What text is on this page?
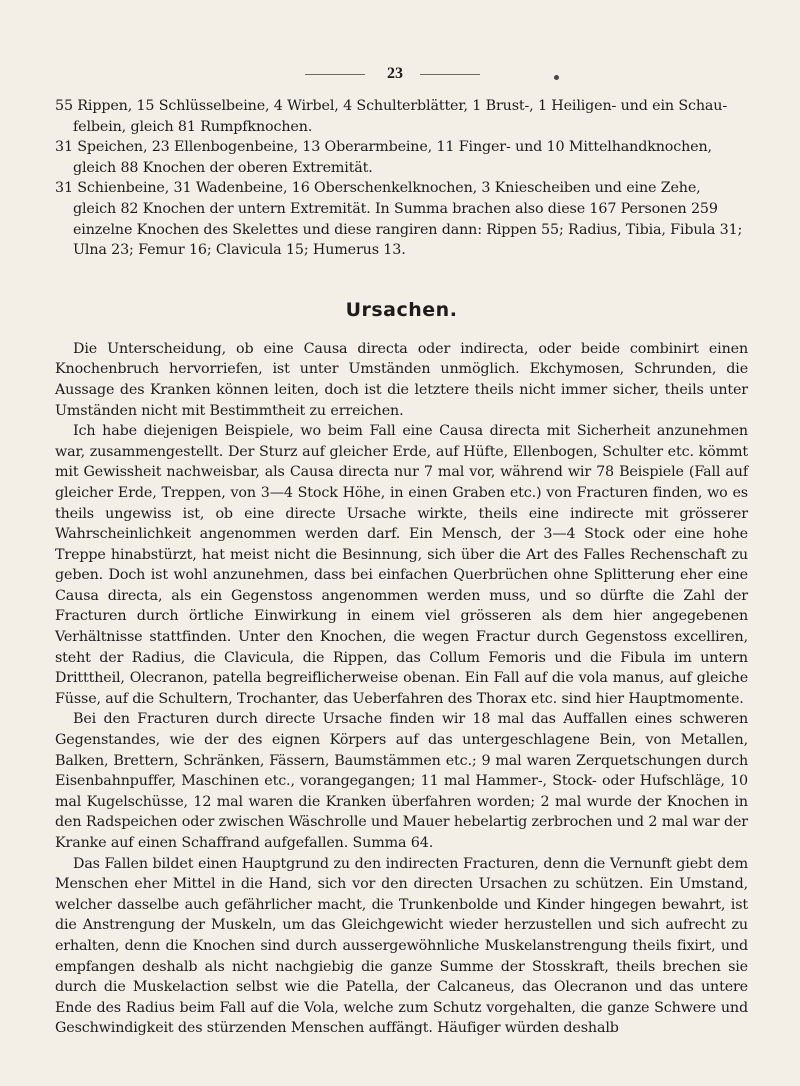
23

55 Rippen, 15 Schlüsselbeine, 4 Wirbel, 4 Schulterblätter, 1 Brust-, 1 Heiligen- und ein Schaufelbein, gleich 81 Rumpfknochen.

31 Speichen, 23 Ellenbogenbeine, 13 Oberarmbeine, 11 Finger- und 10 Mittelhandknochen, gleich 88 Knochen der oberen Extremität.

31 Schienbeine, 31 Wadenbeine, 16 Oberschenkelknochen, 3 Kniescheiben und eine Zehe, gleich 82 Knochen der untern Extremität. In Summa brachen also diese 167 Personen 259 einzelne Knochen des Skelettes und diese rangiren dann: Rippen 55; Radius, Tibia, Fibula 31; Ulna 23; Femur 16; Clavicula 15; Humerus 13.

Ursachen.

Die Unterscheidung, ob eine Causa directa oder indirecta, oder beide combinirt einen Knochenbruch hervorriefen, ist unter Umständen unmöglich. Ekchymosen, Schrunden, die Aussage des Kranken können leiten, doch ist die letztere theils nicht immer sicher, theils unter Umständen nicht mit Bestimmtheit zu erreichen.

Ich habe diejenigen Beispiele, wo beim Fall eine Causa directa mit Sicherheit anzunehmen war, zusammengestellt. Der Sturz auf gleicher Erde, auf Hüfte, Ellenbogen, Schulter etc. kömmt mit Gewissheit nachweisbar, als Causa directa nur 7 mal vor, während wir 78 Beispiele (Fall auf gleicher Erde, Treppen, von 3—4 Stock Höhe, in einen Graben etc.) von Fracturen finden, wo es theils ungewiss ist, ob eine directe Ursache wirkte, theils eine indirecte mit grösserer Wahrscheinlichkeit angenommen werden darf. Ein Mensch, der 3—4 Stock oder eine hohe Treppe hinabstürzt, hat meist nicht die Besinnung, sich über die Art des Falles Rechenschaft zu geben. Doch ist wohl anzunehmen, dass bei einfachen Querbrüchen ohne Splitterung eher eine Causa directa, als ein Gegenstoss angenommen werden muss, und so dürfte die Zahl der Fracturen durch örtliche Einwirkung in einem viel grösseren als dem hier angegebenen Verhältnisse stattfinden. Unter den Knochen, die wegen Fractur durch Gegenstoss excelliren, steht der Radius, die Clavicula, die Rippen, das Collum Femoris und die Fibula im untern Dritttheil, Olecranon, patella begreiflicherweise obenan. Ein Fall auf die vola manus, auf gleiche Füsse, auf die Schultern, Trochanter, das Ueberfahren des Thorax etc. sind hier Hauptmomente.

Bei den Fracturen durch directe Ursache finden wir 18 mal das Auffallen eines schweren Gegenstandes, wie der des eignen Körpers auf das untergeschlagene Bein, von Metallen, Balken, Brettern, Schränken, Fässern, Baumstämmen etc.; 9 mal waren Zerquetschungen durch Eisenbahnpuffer, Maschinen etc., vorangegangen; 11 mal Hammer-, Stock- oder Hufschläge, 10 mal Kugelschüsse, 12 mal waren die Kranken überfahren worden; 2 mal wurde der Knochen in den Radspeichen oder zwischen Wäschrolle und Mauer hebelartig zerbrochen und 2 mal war der Kranke auf einen Schaffrand aufgefallen. Summa 64.

Das Fallen bildet einen Hauptgrund zu den indirecten Fracturen, denn die Vernunft giebt dem Menschen eher Mittel in die Hand, sich vor den directen Ursachen zu schützen. Ein Umstand, welcher dasselbe auch gefährlicher macht, die Trunkenbolde und Kinder hingegen bewahrt, ist die Anstrengung der Muskeln, um das Gleichgewicht wieder herzustellen und sich aufrecht zu erhalten, denn die Knochen sind durch aussergewöhnliche Muskelanstrengung theils fixirt, und empfangen deshalb als nicht nachgiebig die ganze Summe der Stosskraft, theils brechen sie durch die Muskelaction selbst wie die Patella, der Calcaneus, das Olecranon und das untere Ende des Radius beim Fall auf die Vola, welche zum Schutz vorgehalten, die ganze Schwere und Geschwindigkeit des stürzenden Menschen auffängt. Häufiger würden deshalb
